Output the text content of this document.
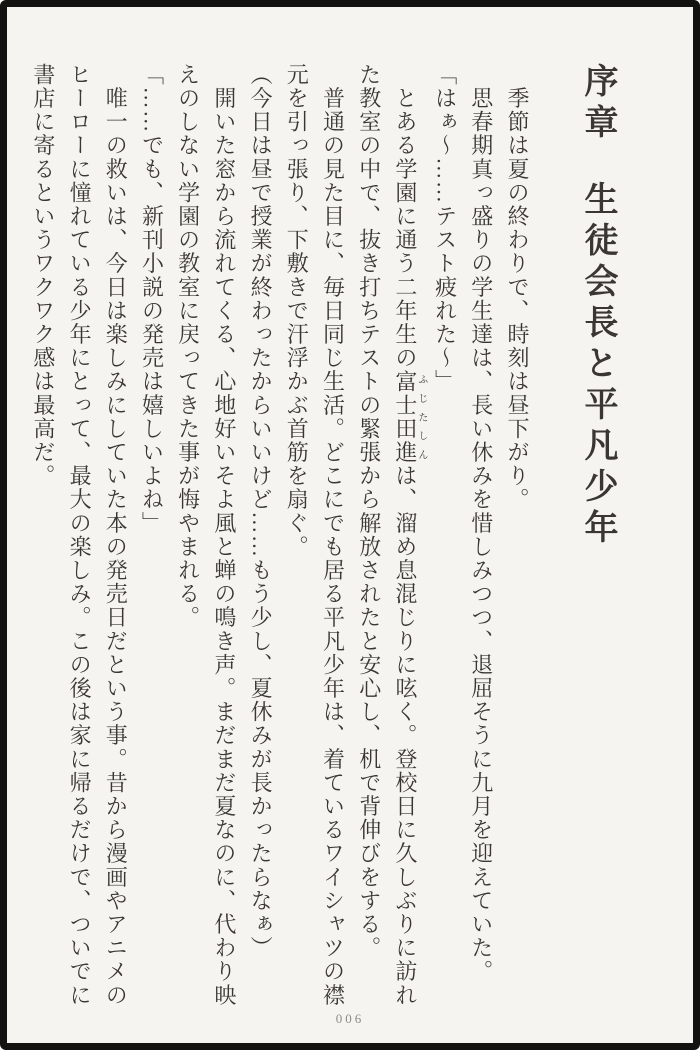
序章生徒会長と平凡少年
　季節は夏の終わりで、時刻は昼下がり。
　思春期真っ盛りの学生達は、長い休みを惜しみつつ、退屈そうに九月を迎えていた。
「はぁ～……テスト疲れた～」
　とある学園に通う二年生の富士田進ふじたしんは、溜め息混じりに呟く。登校日に久しぶりに訪れ
た教室の中で、抜き打ちテストの緊張から解放されたと安心し、机で背伸びをする。
　普通の見た目に、毎日同じ生活。どこにでも居る平凡少年は、着ているワイシャツの襟
元を引っ張り、下敷きで汗浮かぶ首筋を扇ぐ。
（今日は昼で授業が終わったからいいけど……もう少し、夏休みが長かったらなぁ）
　開いた窓から流れてくる、心地好いそよ風と蝉の鳴き声。まだまだ夏なのに、代わり映
えのしない学園の教室に戻ってきた事が悔やまれる。
「……でも、新刊小説の発売は嬉しいよね」
　唯一の救いは、今日は楽しみにしていた本の発売日だという事。昔から漫画やアニメの
ヒーローに憧れている少年にとって、最大の楽しみ。この後は家に帰るだけで、ついでに
書店に寄るというワクワク感は最高だ。
006
